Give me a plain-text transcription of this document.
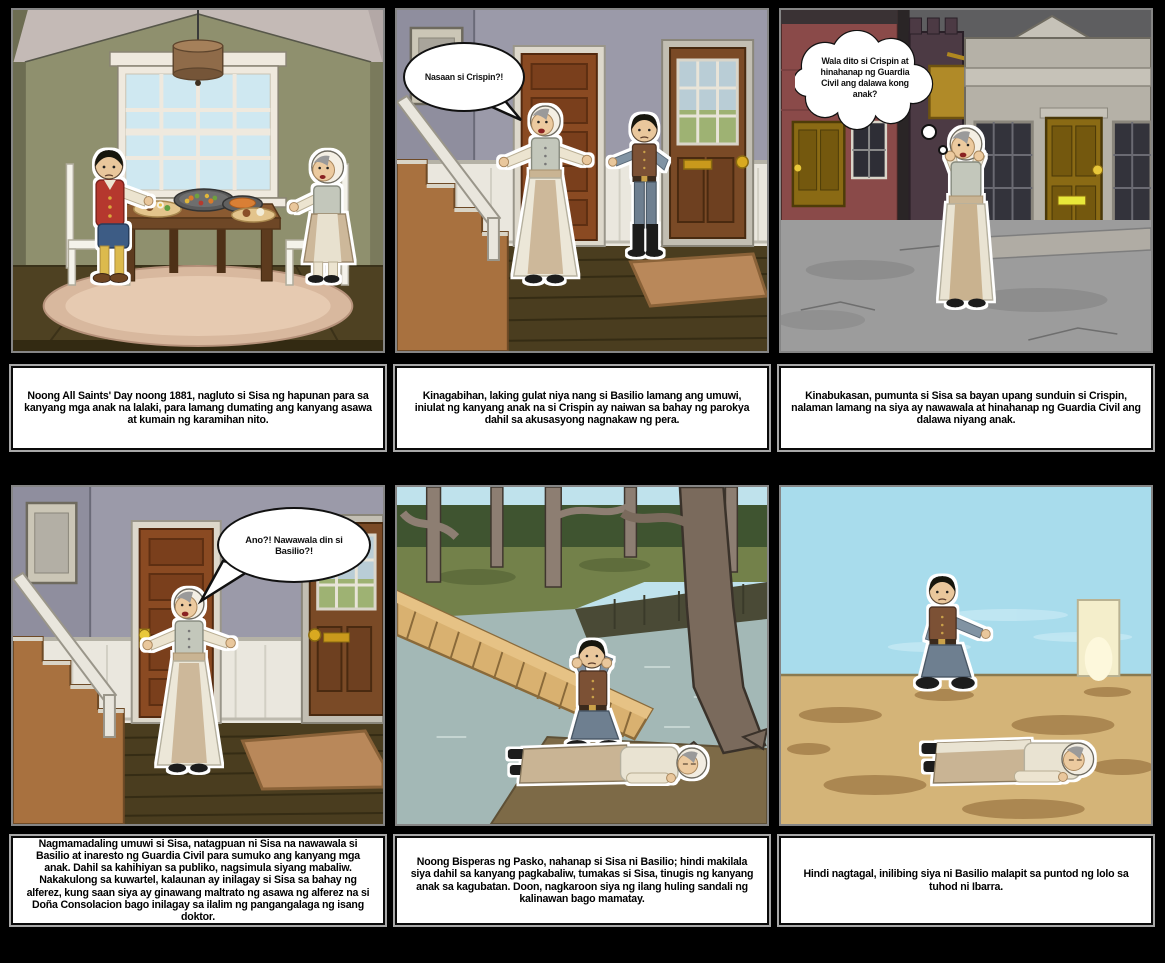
Nasaan si Crispin?!
Wala dito si Crispin at hinahanap ng Guardia Civil ang dalawa kong anak?
Ano?! Nawawala din si Basilio?!
Noong All Saints' Day noong 1881, nagluto si Sisa ng hapunan para sa kanyang mga anak na lalaki, para lamang dumating ang kanyang asawa at kumain ng karamihan nito.
Kinagabihan, laking gulat niya nang si Basilio lamang ang umuwi, iniulat ng kanyang anak na si Crispin ay naiwan sa bahay ng parokya dahil sa akusasyong nagnakaw ng pera.
Kinabukasan, pumunta si Sisa sa bayan upang sunduin si Crispin, nalaman lamang na siya ay nawawala at hinahanap ng Guardia Civil ang dalawa niyang anak.
Nagmamadaling umuwi si Sisa, natagpuan ni Sisa na nawawala si Basilio at inaresto ng Guardia Civil para sumuko ang kanyang mga anak. Dahil sa kahihiyan sa publiko, nagsimula siyang mabaliw. Nakakulong sa kuwartel, kalaunan ay inilagay si Sisa sa bahay ng alferez, kung saan siya ay ginawang maltrato ng asawa ng alferez na si Doña Consolacion bago inilagay sa ilalim ng pangangalaga ng isang doktor.
Noong Bisperas ng Pasko, nahanap si Sisa ni Basilio; hindi makilala siya dahil sa kanyang pagkabaliw, tumakas si Sisa, tinugis ng kanyang anak sa kagubatan. Doon, nagkaroon siya ng ilang huling sandali ng kalinawan bago mamatay.
Hindi nagtagal, inilibing siya ni Basilio malapit sa puntod ng lolo sa tuhod ni Ibarra.
